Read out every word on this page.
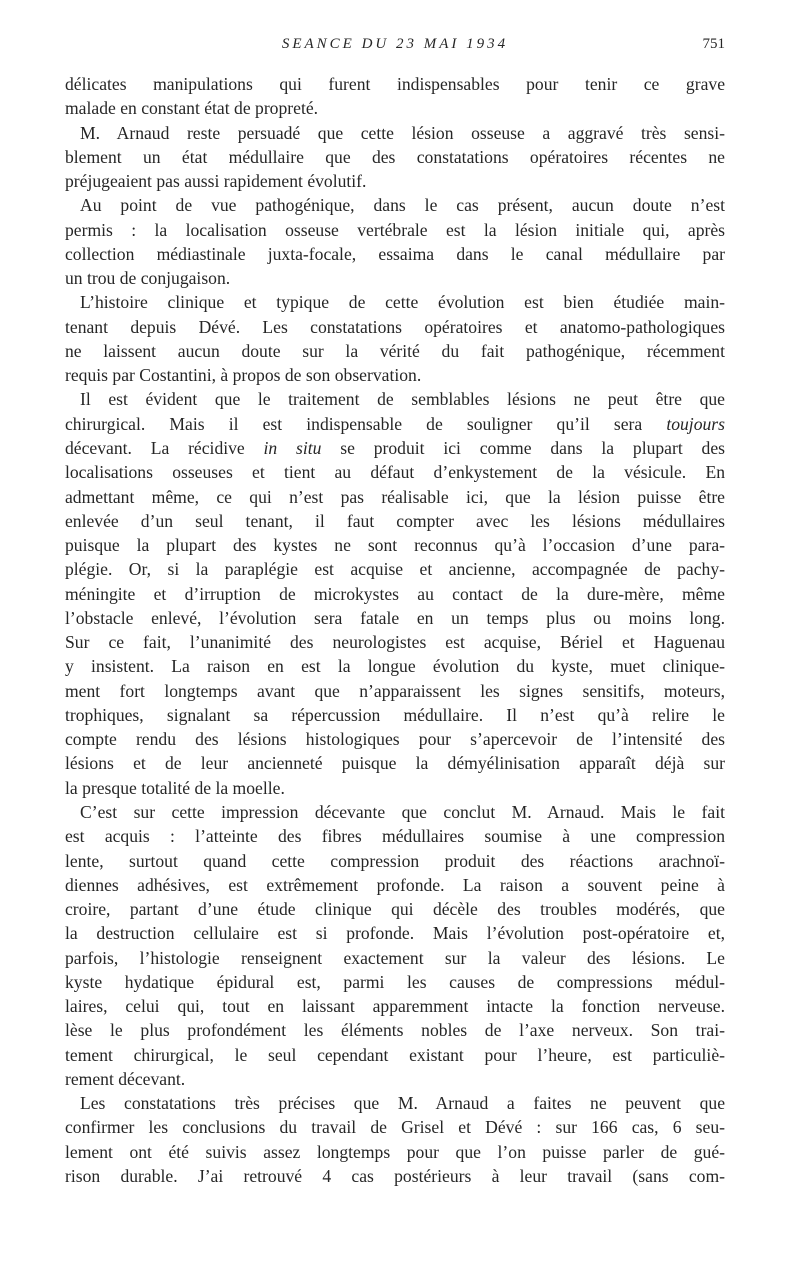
SEANCE DU 23 MAI 1934	751
délicates manipulations qui furent indispensables pour tenir ce grave
malade en constant état de propreté.
M. Arnaud reste persuadé que cette lésion osseuse a aggravé très sensi-
blement un état médullaire que des constatations opératoires récentes ne
préjugeaient pas aussi rapidement évolutif.
Au point de vue pathogénique, dans le cas présent, aucun doute n’est
permis : la localisation osseuse vertébrale est la lésion initiale qui, après
collection médiastinale juxta-focale, essaima dans le canal médullaire par
un trou de conjugaison.
L’histoire clinique et typique de cette évolution est bien étudiée main-
tenant depuis Dévé. Les constatations opératoires et anatomo-pathologiques
ne laissent aucun doute sur la vérité du fait pathogénique, récemment
requis par Costantini, à propos de son observation.
Il est évident que le traitement de semblables lésions ne peut être que
chirurgical. Mais il est indispensable de souligner qu’il sera toujours
décevant. La récidive in situ se produit ici comme dans la plupart des
localisations osseuses et tient au défaut d’enkystement de la vésicule. En
admettant même, ce qui n’est pas réalisable ici, que la lésion puisse être
enlevée d’un seul tenant, il faut compter avec les lésions médullaires
puisque la plupart des kystes ne sont reconnus qu’à l’occasion d’une para-
plégie. Or, si la paraplégie est acquise et ancienne, accompagnée de pachy-
méningite et d’irruption de microkystes au contact de la dure-mère, même
l’obstacle enlevé, l’évolution sera fatale en un temps plus ou moins long.
Sur ce fait, l’unanimité des neurologistes est acquise, Bériel et Haguenau
y insistent. La raison en est la longue évolution du kyste, muet clinique-
ment fort longtemps avant que n’apparaissent les signes sensitifs, moteurs,
trophiques, signalant sa répercussion médullaire. Il n’est qu’à relire le
compte rendu des lésions histologiques pour s’apercevoir de l’intensité des
lésions et de leur ancienneté puisque la démyélinisation apparaît déjà sur
la presque totalité de la moelle.
C’est sur cette impression décevante que conclut M. Arnaud. Mais le fait
est acquis : l’atteinte des fibres médullaires soumise à une compression
lente, surtout quand cette compression produit des réactions arachnoï-
diennes adhésives, est extrêmement profonde. La raison a souvent peine à
croire, partant d’une étude clinique qui décèle des troubles modérés, que
la destruction cellulaire est si profonde. Mais l’évolution post-opératoire et,
parfois, l’histologie renseignent exactement sur la valeur des lésions. Le
kyste hydatique épidural est, parmi les causes de compressions médul-
laires, celui qui, tout en laissant apparemment intacte la fonction nerveuse.
lèse le plus profondément les éléments nobles de l’axe nerveux. Son trai-
tement chirurgical, le seul cependant existant pour l’heure, est particuliè-
rement décevant.
Les constatations très précises que M. Arnaud a faites ne peuvent que
confirmer les conclusions du travail de Grisel et Dévé : sur 166 cas, 6 seu-
lement ont été suivis assez longtemps pour que l’on puisse parler de gué-
rison durable. J’ai retrouvé 4 cas postérieurs à leur travail (sans com-
